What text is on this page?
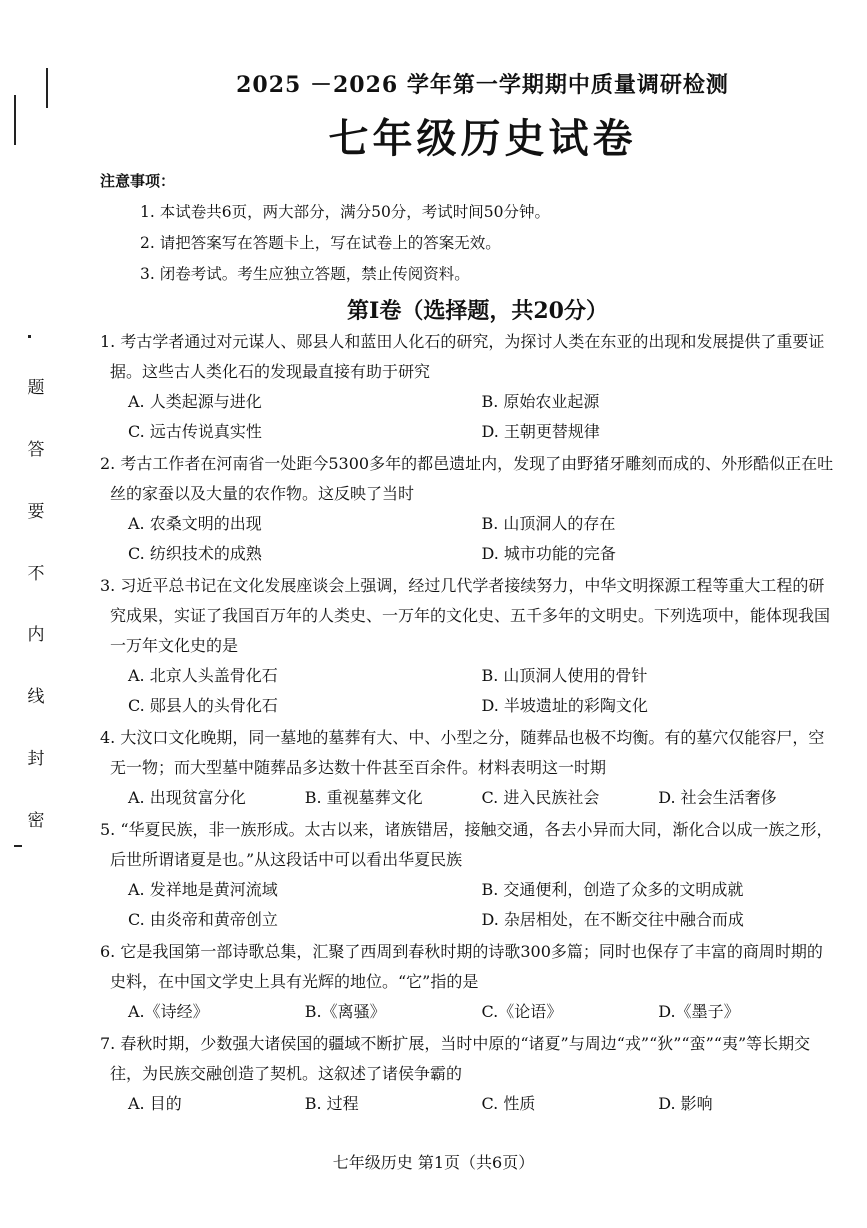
题
答
要
不
内
线
封
密
2025 －2026 学年第一学期期中质量调研检测
七年级历史试卷
注意事项：
1. 本试卷共6页，两大部分，满分50分，考试时间50分钟。
2. 请把答案写在答题卡上，写在试卷上的答案无效。
3. 闭卷考试。考生应独立答题，禁止传阅资料。
第Ⅰ卷（选择题，共20分）
1. 考古学者通过对元谋人、郧县人和蓝田人化石的研究，为探讨人类在东亚的出现和发展提供了重要证据。这些古人类化石的发现最直接有助于研究
A. 人类起源与进化	B. 原始农业起源
C. 远古传说真实性	D. 王朝更替规律
2. 考古工作者在河南省一处距今5300多年的都邑遗址内，发现了由野猪牙雕刻而成的、外形酷似正在吐丝的家蚕以及大量的农作物。这反映了当时
A. 农桑文明的出现	B. 山顶洞人的存在
C. 纺织技术的成熟	D. 城市功能的完备
3. 习近平总书记在文化发展座谈会上强调，经过几代学者接续努力，中华文明探源工程等重大工程的研究成果，实证了我国百万年的人类史、一万年的文化史、五千多年的文明史。下列选项中，能体现我国一万年文化史的是
A. 北京人头盖骨化石	B. 山顶洞人使用的骨针
C. 郧县人的头骨化石	D. 半坡遗址的彩陶文化
4. 大汶口文化晚期，同一墓地的墓葬有大、中、小型之分，随葬品也极不均衡。有的墓穴仅能容尸，空无一物；而大型墓中随葬品多达数十件甚至百余件。材料表明这一时期
A. 出现贫富分化	B. 重视墓葬文化	C. 进入民族社会	D. 社会生活奢侈
5. “华夏民族，非一族形成。太古以来，诸族错居，接触交通，各去小异而大同，渐化合以成一族之形，后世所谓诸夏是也。”从这段话中可以看出华夏民族
A. 发祥地是黄河流域	B. 交通便利，创造了众多的文明成就
C. 由炎帝和黄帝创立	D. 杂居相处，在不断交往中融合而成
6. 它是我国第一部诗歌总集，汇聚了西周到春秋时期的诗歌300多篇；同时也保存了丰富的商周时期的史料，在中国文学史上具有光辉的地位。“它”指的是
A.《诗经》	B.《离骚》	C.《论语》	D.《墨子》
7. 春秋时期，少数强大诸侯国的疆域不断扩展，当时中原的“诸夏”与周边“戎”“狄”“蛮”“夷”等长期交往，为民族交融创造了契机。这叙述了诸侯争霸的
A. 目的	B. 过程	C. 性质	D. 影响
七年级历史 第1页（共6页）
